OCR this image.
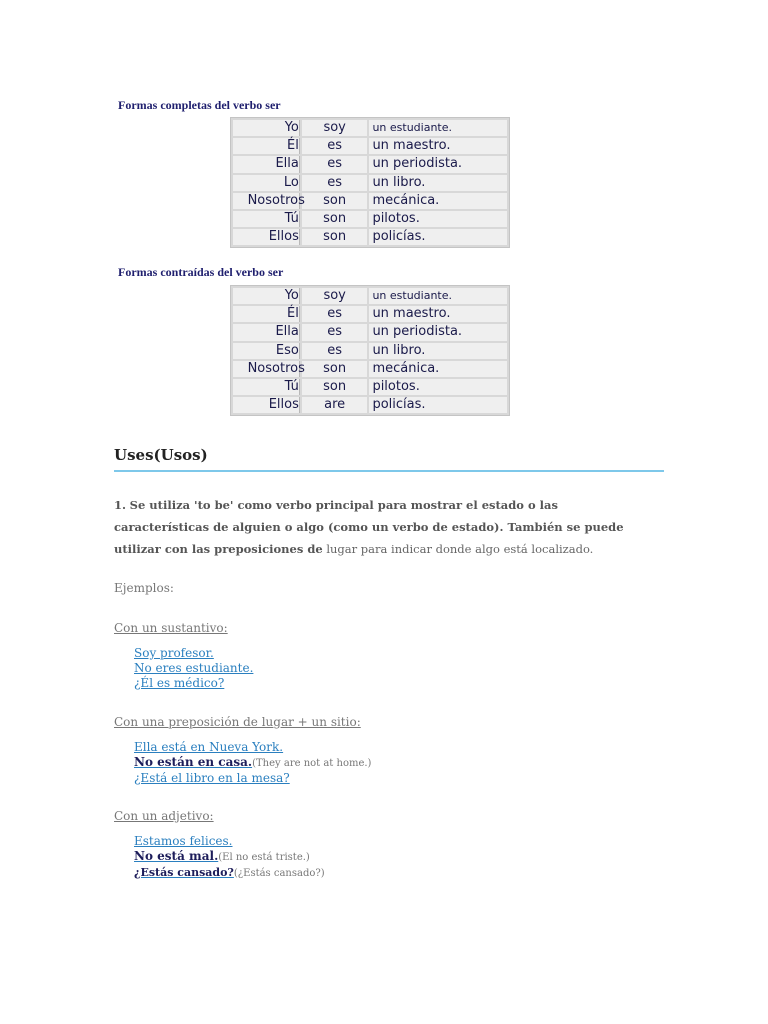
Formas completas del verbo ser

Yo	soy	un estudiante.
Él	es	un maestro.
Ella	es	un periodista.
Lo	es	un libro.
Nosotros	son	mecánica.
Tú	son	pilotos.
Ellos	son	policías.

Formas contraídas del verbo ser

Yo	soy	un estudiante.
Él	es	un maestro.
Ella	es	un periodista.
Eso	es	un libro.
Nosotros	son	mecánica.
Tú	son	pilotos.
Ellos	are	policías.
Uses(Usos)

1. Se utiliza 'to be' como verbo principal para mostrar el estado o las características de alguien o algo (como un verbo de estado). También se puede utilizar con las preposiciones de lugar para indicar donde algo está localizado.

Ejemplos:

Con un sustantivo:

Soy profesor.
No eres estudiante.
¿Él es médico?

Con una preposición de lugar + un sitio:

Ella está en Nueva York.
No están en casa.(They are not at home.)
¿Está el libro en la mesa?

Con un adjetivo:

Estamos felices.
No está mal.(El no está triste.)
¿Estás cansado?(¿Estás cansado?)
